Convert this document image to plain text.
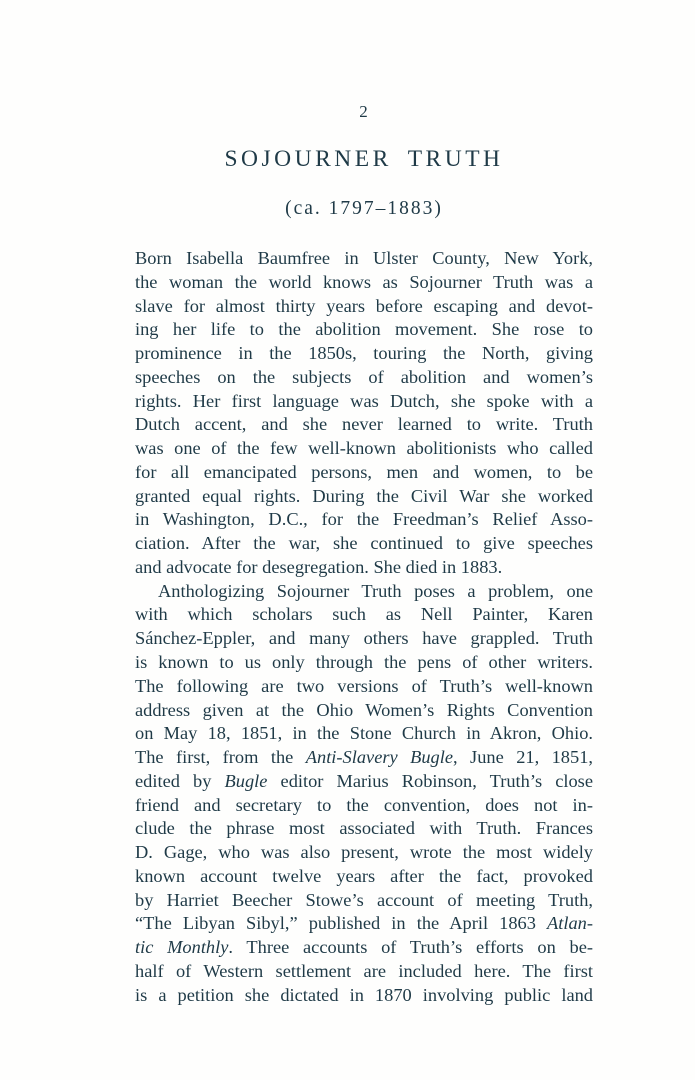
2
SOJOURNER TRUTH
(ca. 1797–1883)
Born Isabella Baumfree in Ulster County, New York,
the woman the world knows as Sojourner Truth was a
slave for almost thirty years before escaping and devot-
ing her life to the abolition movement. She rose to
prominence in the 1850s, touring the North, giving
speeches on the subjects of abolition and women’s
rights. Her first language was Dutch, she spoke with a
Dutch accent, and she never learned to write. Truth
was one of the few well-known abolitionists who called
for all emancipated persons, men and women, to be
granted equal rights. During the Civil War she worked
in Washington, D.C., for the Freedman’s Relief Asso-
ciation. After the war, she continued to give speeches
and advocate for desegregation. She died in 1883.
Anthologizing Sojourner Truth poses a problem, one
with which scholars such as Nell Painter, Karen
Sánchez-Eppler, and many others have grappled. Truth
is known to us only through the pens of other writers.
The following are two versions of Truth’s well-known
address given at the Ohio Women’s Rights Convention
on May 18, 1851, in the Stone Church in Akron, Ohio.
The first, from the Anti-Slavery Bugle, June 21, 1851,
edited by Bugle editor Marius Robinson, Truth’s close
friend and secretary to the convention, does not in-
clude the phrase most associated with Truth. Frances
D. Gage, who was also present, wrote the most widely
known account twelve years after the fact, provoked
by Harriet Beecher Stowe’s account of meeting Truth,
“The Libyan Sibyl,” published in the April 1863 Atlan-
tic Monthly. Three accounts of Truth’s efforts on be-
half of Western settlement are included here. The first
is a petition she dictated in 1870 involving public land
